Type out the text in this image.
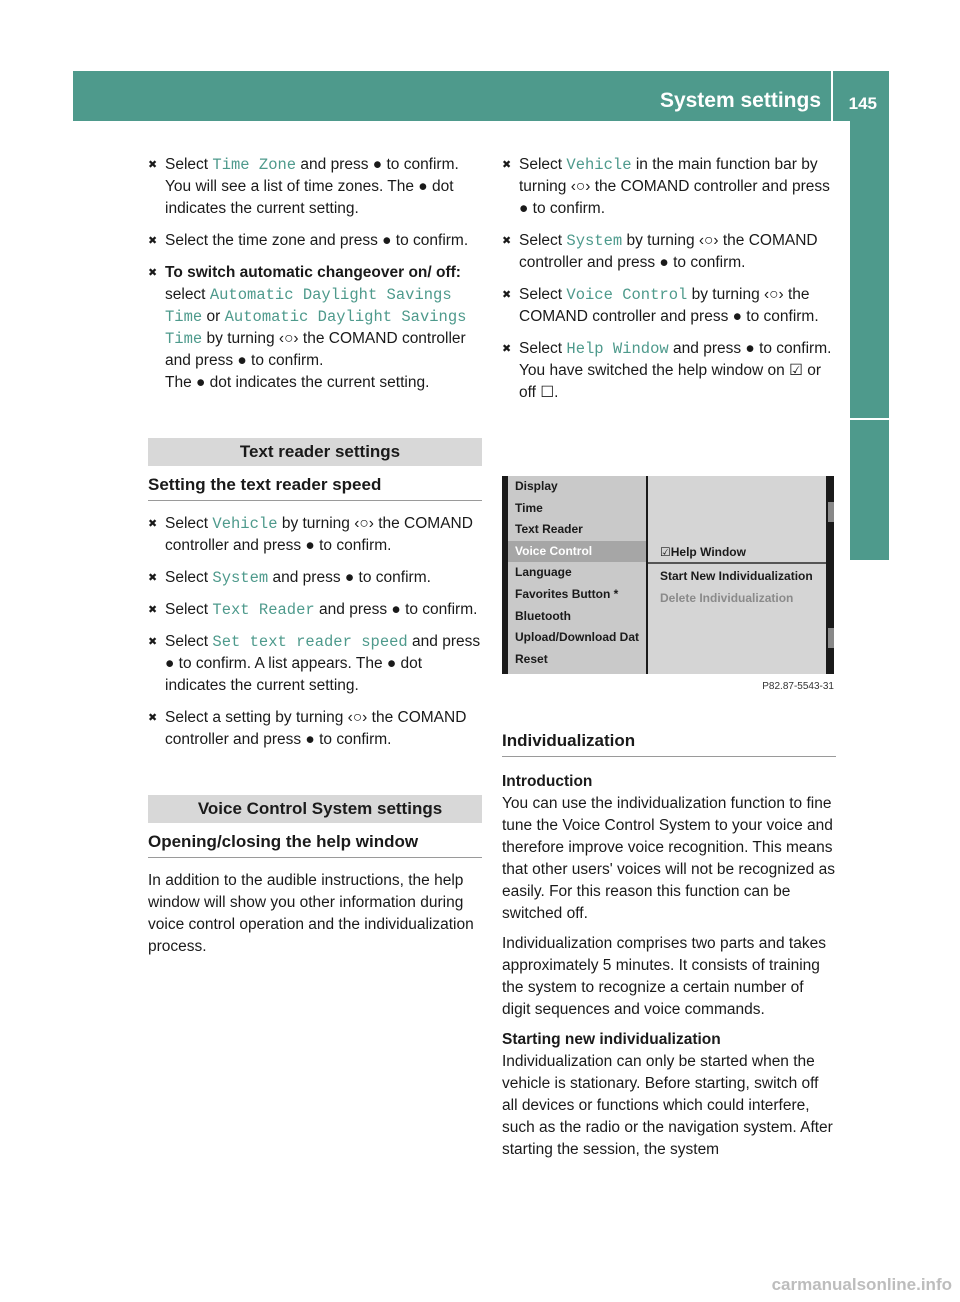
System settings 145
COMAND
✖ Select Time Zone and press ● to confirm. You will see a list of time zones. The ● dot indicates the current setting.
✖ Select the time zone and press ● to confirm.
✖ To switch automatic changeover on/ off: select Automatic Daylight Savings Time or Automatic Daylight Savings Time by turning ‹○› the COMAND controller and press ● to confirm.
The ● dot indicates the current setting.
Text reader settings
Setting the text reader speed
✖ Select Vehicle by turning ‹○› the COMAND controller and press ● to confirm.
✖ Select System and press ● to confirm.
✖ Select Text Reader and press ● to confirm.
✖ Select Set text reader speed and press ● to confirm. A list appears. The ● dot indicates the current setting.
✖ Select a setting by turning ‹○› the COMAND controller and press ● to confirm.
Voice Control System settings
Opening/closing the help window
In addition to the audible instructions, the help window will show you other information during voice control operation and the individualization process.
✖ Select Vehicle in the main function bar by turning ‹○› the COMAND controller and press ● to confirm.
✖ Select System by turning ‹○› the COMAND controller and press ● to confirm.
✖ Select Voice Control by turning ‹○› the COMAND controller and press ● to confirm.
✖ Select Help Window and press ● to confirm. You have switched the help window on ☑ or off ☐.
Display
Time
Text Reader
Voice Control
Language
Favorites Button *
Bluetooth
Upload/Download Dat
Reset
☑Help Window
Start New Individualization
Delete Individualization
P82.87-5543-31
Individualization
Introduction
You can use the individualization function to fine tune the Voice Control System to your voice and therefore improve voice recognition. This means that other users' voices will not be recognized as easily. For this reason this function can be switched off.
Individualization comprises two parts and takes approximately 5 minutes. It consists of training the system to recognize a certain number of digit sequences and voice commands.
Starting new individualization
Individualization can only be started when the vehicle is stationary. Before starting, switch off all devices or functions which could interfere, such as the radio or the navigation system. After starting the session, the system
carmanualsonline.info
